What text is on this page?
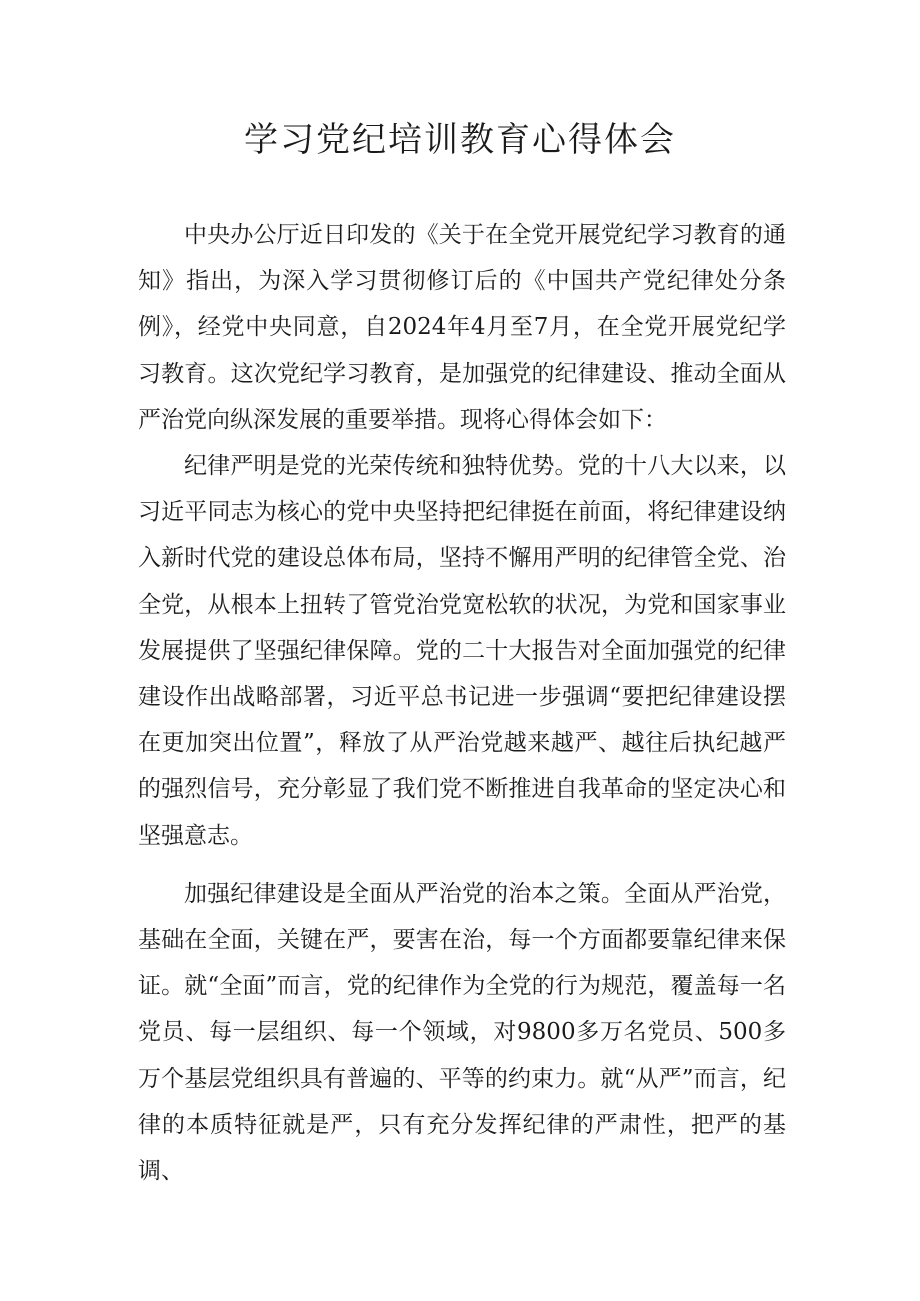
学习党纪培训教育心得体会

中央办公厅近日印发的《关于在全党开展党纪学习教育的通知》指出，为深入学习贯彻修订后的《中国共产党纪律处分条例》，经党中央同意，自2024年4月至7月，在全党开展党纪学习教育。这次党纪学习教育，是加强党的纪律建设、推动全面从严治党向纵深发展的重要举措。现将心得体会如下：

纪律严明是党的光荣传统和独特优势。党的十八大以来，以习近平同志为核心的党中央坚持把纪律挺在前面，将纪律建设纳入新时代党的建设总体布局，坚持不懈用严明的纪律管全党、治全党，从根本上扭转了管党治党宽松软的状况，为党和国家事业发展提供了坚强纪律保障。党的二十大报告对全面加强党的纪律建设作出战略部署，习近平总书记进一步强调“要把纪律建设摆在更加突出位置”，释放了从严治党越来越严、越往后执纪越严的强烈信号，充分彰显了我们党不断推进自我革命的坚定决心和坚强意志。

加强纪律建设是全面从严治党的治本之策。全面从严治党，基础在全面，关键在严，要害在治，每一个方面都要靠纪律来保证。就“全面”而言，党的纪律作为全党的行为规范，覆盖每一名党员、每一层组织、每一个领域，对9800多万名党员、500多万个基层党组织具有普遍的、平等的约束力。就“从严”而言，纪律的本质特征就是严，只有充分发挥纪律的严肃性，把严的基调、
